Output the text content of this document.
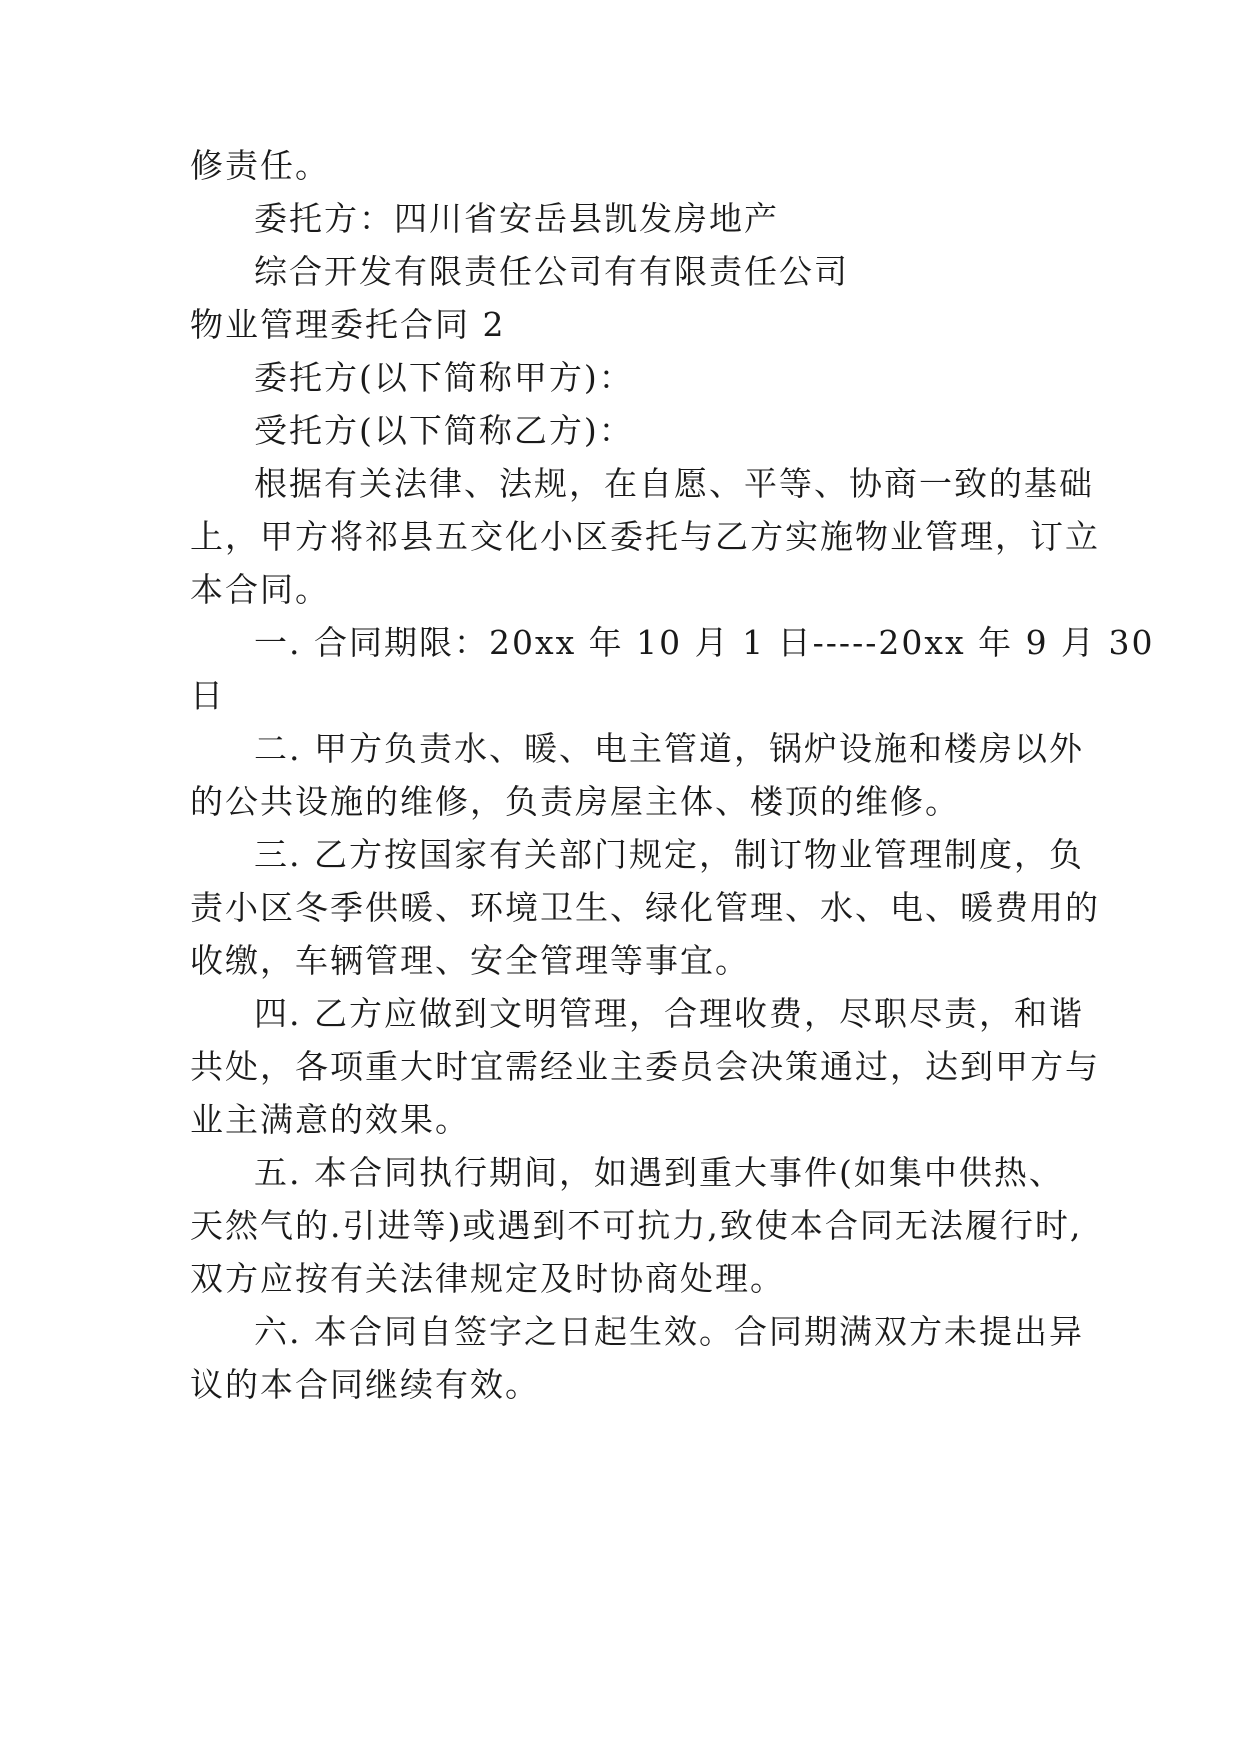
修责任。
委托方：四川省安岳县凯发房地产
综合开发有限责任公司有有限责任公司
物业管理委托合同 2
委托方(以下简称甲方)：
受托方(以下简称乙方)：
根据有关法律、法规，在自愿、平等、协商一致的基础
上，甲方将祁县五交化小区委托与乙方实施物业管理，订立
本合同。
一. 合同期限：20xx 年 10 月 1 日-----20xx 年 9 月 30
日
二. 甲方负责水、暖、电主管道，锅炉设施和楼房以外
的公共设施的维修，负责房屋主体、楼顶的维修。
三. 乙方按国家有关部门规定，制订物业管理制度，负
责小区冬季供暖、环境卫生、绿化管理、水、电、暖费用的
收缴，车辆管理、安全管理等事宜。
四. 乙方应做到文明管理，合理收费，尽职尽责，和谐
共处，各项重大时宜需经业主委员会决策通过，达到甲方与
业主满意的效果。
五. 本合同执行期间，如遇到重大事件(如集中供热、
天然气的.引进等)或遇到不可抗力,致使本合同无法履行时,
双方应按有关法律规定及时协商处理。
六. 本合同自签字之日起生效。合同期满双方未提出异
议的本合同继续有效。
